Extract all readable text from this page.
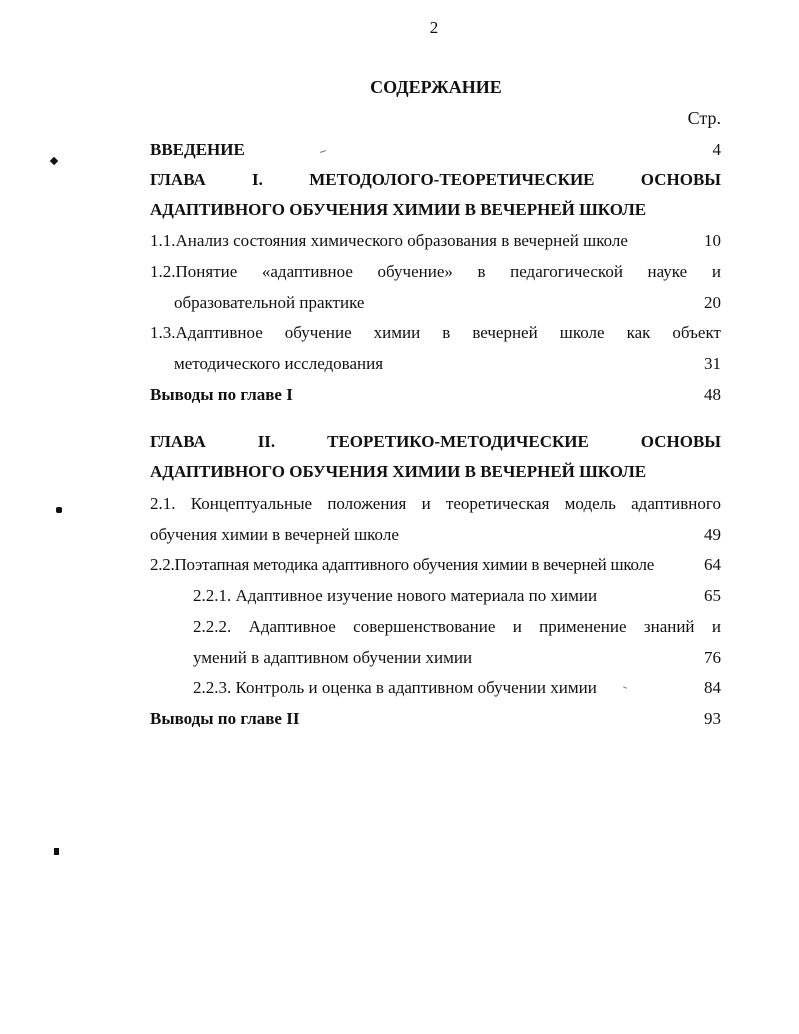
2
СОДЕРЖАНИЕ
Стр.
ВВЕДЕНИЕ	4
ГЛАВА	I.	МЕТОДОЛОГО-ТЕОРЕТИЧЕСКИЕ	ОСНОВЫ
АДАПТИВНОГО ОБУЧЕНИЯ ХИМИИ В ВЕЧЕРНЕЙ ШКОЛЕ
1.1.Анализ состояния химического образования в вечерней школе	10
1.2.Понятие «адаптивное обучение» в педагогической науке и
образовательной практике	20
1.3.Адаптивное обучение химии в вечерней школе как объект
методического исследования	31
Выводы по главе I	48
ГЛАВА	II.	ТЕОРЕТИКО-МЕТОДИЧЕСКИЕ	ОСНОВЫ
АДАПТИВНОГО ОБУЧЕНИЯ ХИМИИ В ВЕЧЕРНЕЙ ШКОЛЕ
2.1. Концептуальные положения и теоретическая модель адаптивного
обучения химии в вечерней школе	49
2.2.Поэтапная методика адаптивного обучения химии в вечерней школе	64
2.2.1. Адаптивное изучение нового материала по химии	65
2.2.2. Адаптивное совершенствование и применение знаний и
умений в адаптивном обучении химии	76
2.2.3. Контроль и оценка в адаптивном обучении химии	84
Выводы по главе II	93
